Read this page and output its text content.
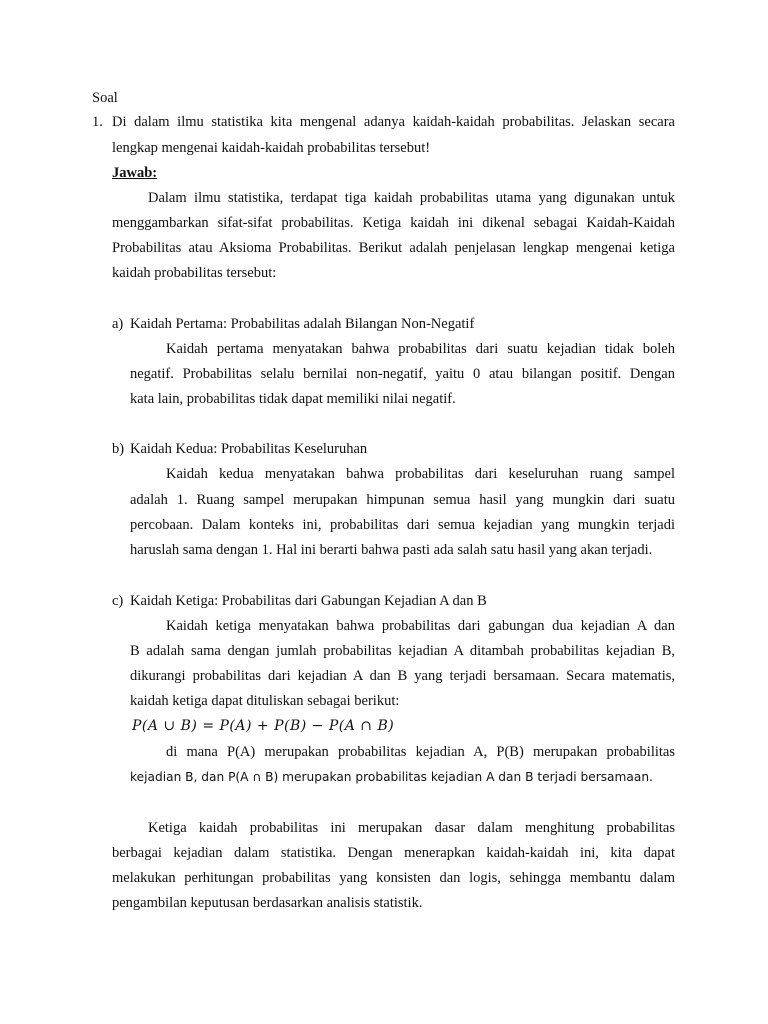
Soal
1. Di dalam ilmu statistika kita mengenal adanya kaidah-kaidah probabilitas. Jelaskan secara
lengkap mengenai kaidah-kaidah probabilitas tersebut!
Jawab:
Dalam ilmu statistika, terdapat tiga kaidah probabilitas utama yang digunakan untuk
menggambarkan sifat-sifat probabilitas. Ketiga kaidah ini dikenal sebagai Kaidah-Kaidah
Probabilitas atau Aksioma Probabilitas. Berikut adalah penjelasan lengkap mengenai ketiga
kaidah probabilitas tersebut:
a) Kaidah Pertama: Probabilitas adalah Bilangan Non-Negatif
Kaidah pertama menyatakan bahwa probabilitas dari suatu kejadian tidak boleh
negatif. Probabilitas selalu bernilai non-negatif, yaitu 0 atau bilangan positif. Dengan
kata lain, probabilitas tidak dapat memiliki nilai negatif.
b) Kaidah Kedua: Probabilitas Keseluruhan
Kaidah kedua menyatakan bahwa probabilitas dari keseluruhan ruang sampel
adalah 1. Ruang sampel merupakan himpunan semua hasil yang mungkin dari suatu
percobaan. Dalam konteks ini, probabilitas dari semua kejadian yang mungkin terjadi
haruslah sama dengan 1. Hal ini berarti bahwa pasti ada salah satu hasil yang akan terjadi.
c) Kaidah Ketiga: Probabilitas dari Gabungan Kejadian A dan B
Kaidah ketiga menyatakan bahwa probabilitas dari gabungan dua kejadian A dan
B adalah sama dengan jumlah probabilitas kejadian A ditambah probabilitas kejadian B,
dikurangi probabilitas dari kejadian A dan B yang terjadi bersamaan. Secara matematis,
kaidah ketiga dapat dituliskan sebagai berikut:
P(A ∪ B) = P(A) + P(B) − P(A ∩ B)
di mana P(A) merupakan probabilitas kejadian A, P(B) merupakan probabilitas
kejadian B, dan P(A ∩ B) merupakan probabilitas kejadian A dan B terjadi bersamaan.
Ketiga kaidah probabilitas ini merupakan dasar dalam menghitung probabilitas
berbagai kejadian dalam statistika. Dengan menerapkan kaidah-kaidah ini, kita dapat
melakukan perhitungan probabilitas yang konsisten dan logis, sehingga membantu dalam
pengambilan keputusan berdasarkan analisis statistik.
